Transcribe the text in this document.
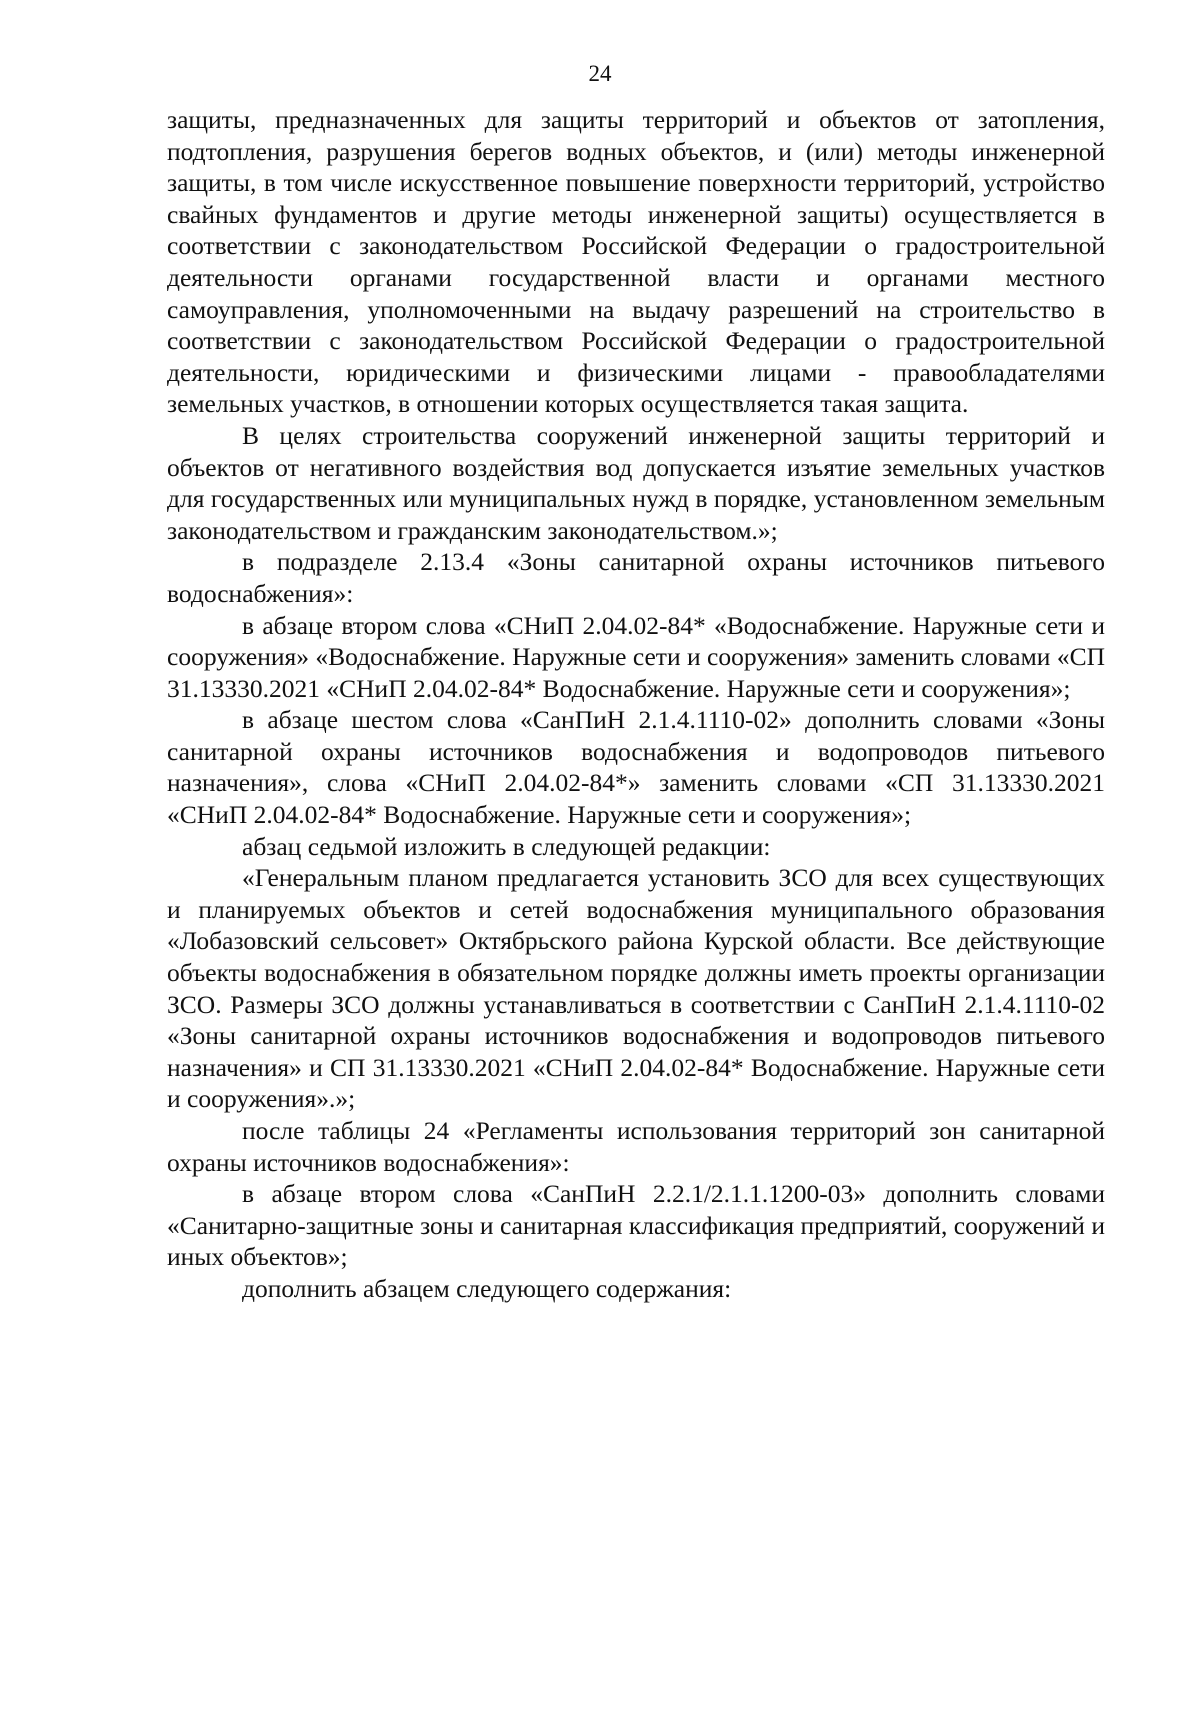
24

защиты, предназначенных для защиты территорий и объектов от затопления, подтопления, разрушения берегов водных объектов, и (или) методы инженерной защиты, в том числе искусственное повышение поверхности территорий, устройство свайных фундаментов и другие методы инженерной защиты) осуществляется в соответствии с законодательством Российской Федерации о градостроительной деятельности органами государственной власти и органами местного самоуправления, уполномоченными на выдачу разрешений на строительство в соответствии с законодательством Российской Федерации о градостроительной деятельности, юридическими и физическими лицами - правообладателями земельных участков, в отношении которых осуществляется такая защита.

В целях строительства сооружений инженерной защиты территорий и объектов от негативного воздействия вод допускается изъятие земельных участков для государственных или муниципальных нужд в порядке, установленном земельным законодательством и гражданским законодательством.»;

в подразделе 2.13.4 «Зоны санитарной охраны источников питьевого водоснабжения»:

в абзаце втором слова «СНиП 2.04.02-84* «Водоснабжение. Наружные сети и сооружения» «Водоснабжение. Наружные сети и сооружения» заменить словами «СП 31.13330.2021 «СНиП 2.04.02-84* Водоснабжение. Наружные сети и сооружения»;

в абзаце шестом слова «СанПиН 2.1.4.1110-02» дополнить словами «Зоны санитарной охраны источников водоснабжения и водопроводов питьевого назначения», слова «СНиП 2.04.02-84*» заменить словами «СП 31.13330.2021 «СНиП 2.04.02-84* Водоснабжение. Наружные сети и сооружения»;

абзац седьмой изложить в следующей редакции:

«Генеральным планом предлагается установить ЗСО для всех существующих и планируемых объектов и сетей водоснабжения муниципального образования «Лобазовский сельсовет» Октябрьского района Курской области. Все действующие объекты водоснабжения в обязательном порядке должны иметь проекты организации ЗСО. Размеры ЗСО должны устанавливаться в соответствии с СанПиН 2.1.4.1110-02 «Зоны санитарной охраны источников водоснабжения и водопроводов питьевого назначения» и СП 31.13330.2021 «СНиП 2.04.02-84* Водоснабжение. Наружные сети и сооружения».»;

после таблицы 24 «Регламенты использования территорий зон санитарной охраны источников водоснабжения»:

в абзаце втором слова «СанПиН 2.2.1/2.1.1.1200-03» дополнить словами «Санитарно-защитные зоны и санитарная классификация предприятий, сооружений и иных объектов»;

дополнить абзацем следующего содержания:
